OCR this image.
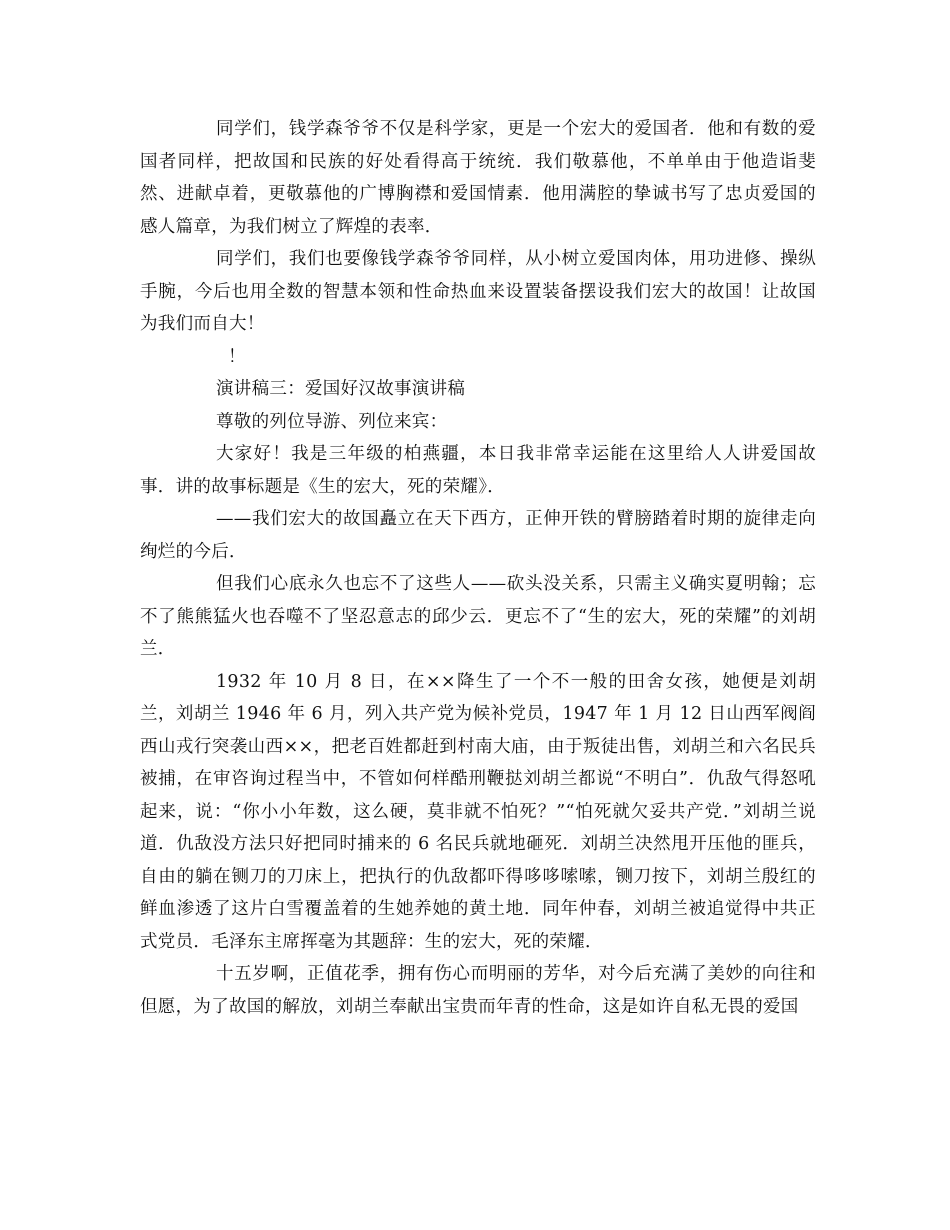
同学们，钱学森爷爷不仅是科学家，更是一个宏大的爱国者．他和有数的爱国者同样，把故国和民族的好处看得高于统统．我们敬慕他，不单单由于他造诣斐然、进献卓着，更敬慕他的广博胸襟和爱国情素．他用满腔的挚诚书写了忠贞爱国的感人篇章，为我们树立了辉煌的表率．

同学们，我们也要像钱学森爷爷同样，从小树立爱国肉体，用功进修、操纵手腕，今后也用全数的智慧本领和性命热血来设置装备摆设我们宏大的故国！让故国为我们而自大！

！

演讲稿三：爱国好汉故事演讲稿

尊敬的列位导游、列位来宾：

大家好！我是三年级的柏燕疆，本日我非常幸运能在这里给人人讲爱国故事．讲的故事标题是《生的宏大，死的荣耀》．

——我们宏大的故国矗立在天下西方，正伸开铁的臂膀踏着时期的旋律走向绚烂的今后．

但我们心底永久也忘不了这些人——砍头没关系，只需主义确实夏明翰；忘不了熊熊猛火也吞噬不了坚忍意志的邱少云．更忘不了“生的宏大，死的荣耀”的刘胡兰．

1932 年 10 月 8 日，在××降生了一个不一般的田舍女孩，她便是刘胡兰，刘胡兰 1946 年 6 月，列入共产党为候补党员，1947 年 1 月 12 日山西军阀阎西山戎行突袭山西××，把老百姓都赶到村南大庙，由于叛徒出售，刘胡兰和六名民兵被捕，在审咨询过程当中，不管如何样酷刑鞭挞刘胡兰都说“不明白”．仇敌气得怒吼起来，说：“你小小年数，这么硬，莫非就不怕死？”“怕死就欠妥共产党．”刘胡兰说道．仇敌没方法只好把同时捕来的 6 名民兵就地砸死．刘胡兰决然甩开压他的匪兵，自由的躺在铡刀的刀床上，把执行的仇敌都吓得哆哆嗦嗦，铡刀按下，刘胡兰殷红的鲜血渗透了这片白雪覆盖着的生她养她的黄土地．同年仲春，刘胡兰被追觉得中共正式党员．毛泽东主席挥毫为其题辞：生的宏大，死的荣耀．

十五岁啊，正值花季，拥有伤心而明丽的芳华，对今后充满了美妙的向往和但愿，为了故国的解放，刘胡兰奉献出宝贵而年青的性命，这是如许自私无畏的爱国
